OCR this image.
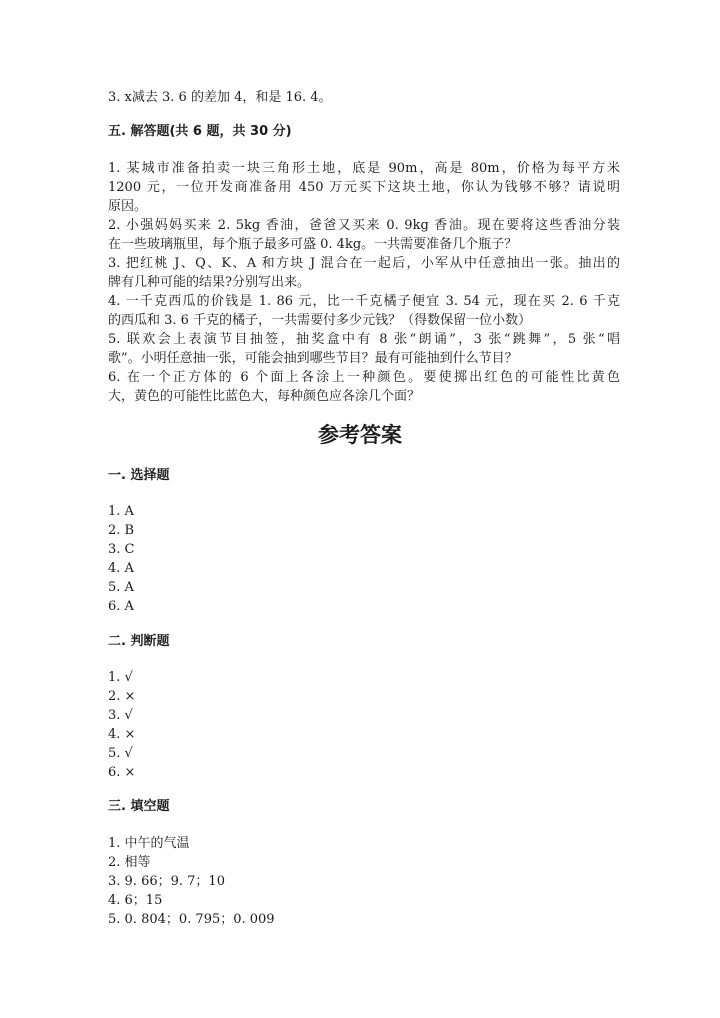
3. x减去 3. 6 的差加 4，和是 16. 4。
五. 解答题(共 6 题，共 30 分)
1. 某城市准备拍卖一块三角形土地，底是 90m，高是 80m，价格为每平方米
1200 元，一位开发商准备用 450 万元买下这块土地，你认为钱够不够？请说明
原因。
2. 小强妈妈买来 2. 5kg 香油，爸爸又买来 0. 9kg 香油。现在要将这些香油分装
在一些玻璃瓶里，每个瓶子最多可盛 0. 4kg。一共需要准备几个瓶子？
3. 把红桃 J、Q、K、A 和方块 J 混合在一起后，小军从中任意抽出一张。抽出的
牌有几种可能的结果?分别写出来。
4. 一千克西瓜的价钱是 1. 86 元，比一千克橘子便宜 3. 54 元，现在买 2. 6 千克
的西瓜和 3. 6 千克的橘子，一共需要付多少元钱？（得数保留一位小数）
5. 联欢会上表演节目抽签，抽奖盒中有 8 张“朗诵”，3 张“跳舞”，5 张“唱
歌”。小明任意抽一张，可能会抽到哪些节目？最有可能抽到什么节目？
6. 在一个正方体的 6 个面上各涂上一种颜色。要使掷出红色的可能性比黄色
大，黄色的可能性比蓝色大，每种颜色应各涂几个面？
参考答案
一. 选择题
1. A
2. B
3. C
4. A
5. A
6. A
二. 判断题
1. √
2. ×
3. √
4. ×
5. √
6. ×
三. 填空题
1. 中午的气温
2. 相等
3. 9. 66；9. 7；10
4. 6；15
5. 0. 804；0. 795；0. 009
